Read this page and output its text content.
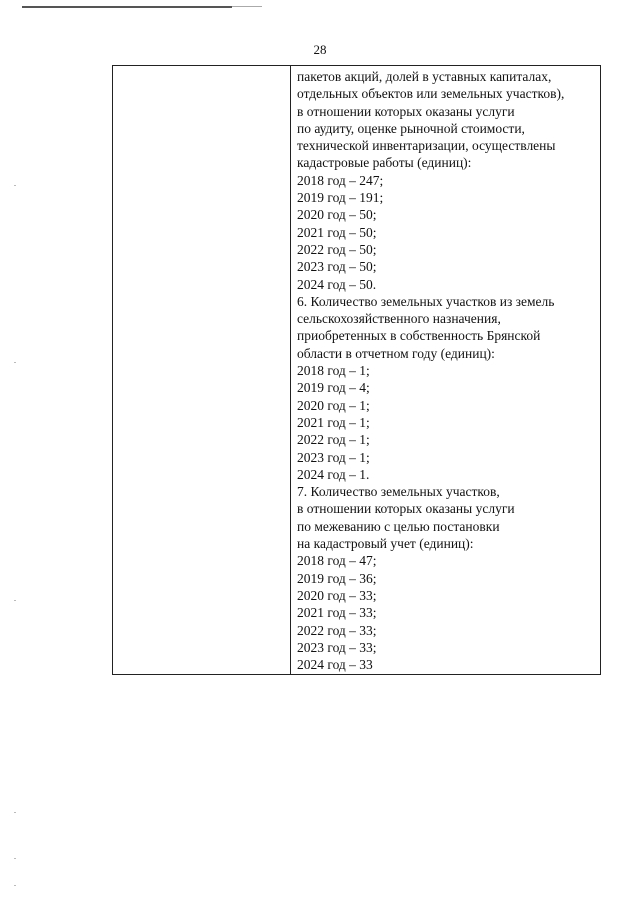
28
пакетов акций, долей в уставных капиталах,
отдельных объектов или земельных участков),
в отношении которых оказаны услуги
по аудиту, оценке рыночной стоимости,
технической инвентаризации, осуществлены
кадастровые работы (единиц):
2018 год – 247;
2019 год – 191;
2020 год – 50;
2021 год – 50;
2022 год – 50;
2023 год – 50;
2024 год – 50.
6. Количество земельных участков из земель
сельскохозяйственного назначения,
приобретенных в собственность Брянской
области в отчетном году (единиц):
2018 год – 1;
2019 год – 4;
2020 год – 1;
2021 год – 1;
2022 год – 1;
2023 год – 1;
2024 год – 1.
7. Количество земельных участков,
в отношении которых оказаны услуги
по межеванию с целью постановки
на кадастровый учет (единиц):
2018 год – 47;
2019 год – 36;
2020 год – 33;
2021 год – 33;
2022 год – 33;
2023 год – 33;
2024 год – 33
